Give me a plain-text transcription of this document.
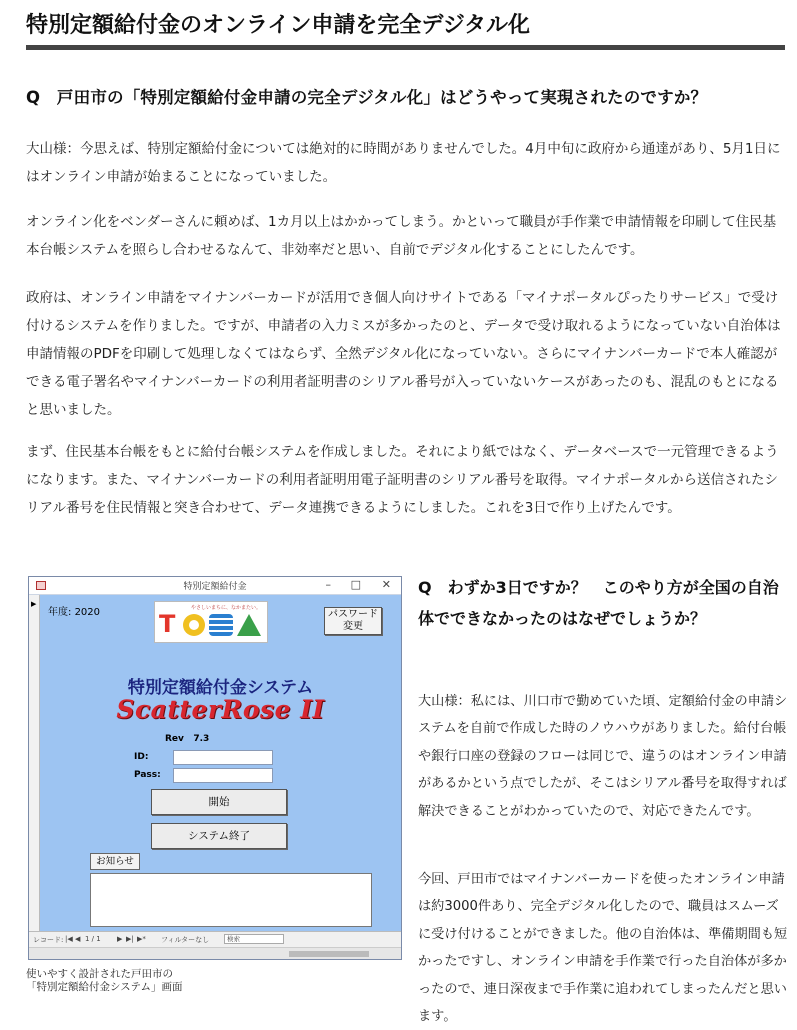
特別定額給付金のオンライン申請を完全デジタル化
Q　戸田市の「特別定額給付金申請の完全デジタル化」はどうやって実現されたのですか？

大山様：今思えば、特別定額給付金については絶対的に時間がありませんでした。4月中旬に政府から通達があり、5月1日にはオンライン申請が始まることになっていました。

オンライン化をベンダーさんに頼めば、1カ月以上はかかってしまう。かといって職員が手作業で申請情報を印刷して住民基本台帳システムを照らし合わせるなんて、非効率だと思い、自前でデジタル化することにしたんです。

政府は、オンライン申請をマイナンバーカードが活用でき個人向けサイトである「マイナポータルぴったりサービス」で受け付けるシステムを作りました。ですが、申請者の入力ミスが多かったのと、データで受け取れるようになっていない自治体は申請情報のPDFを印刷して処理しなくてはならず、全然デジタル化になっていない。さらにマイナンバーカードで本人確認ができる電子署名やマイナンバーカードの利用者証明書のシリアル番号が入っていないケースがあったのも、混乱のもとになると思いました。

まず、住民基本台帳をもとに給付台帳システムを作成しました。それにより紙ではなく、データベースで一元管理できるようになります。また、マイナンバーカードの利用者証明用電子証明書のシリアル番号を取得。マイナポータルから送信されたシリアル番号を住民情報と突き合わせて、データ連携できるようにしました。これを3日で作り上げたんです。

特別定額給付金	– □ ✕
▶
年度: 2020	やさしいまちに、なかまたい。
T	パスワード
変更
特別定額給付金システム
ScatterRose II
Rev 7.3
ID:
Pass:
開始
システム終了
お知らせ
レコード: |◀ ◀ 1 / 1 ▶ ▶| ▶* フィルターなし	検索

使いやすく設計された戸田市の
「特別定額給付金システム」画面

Q　わずか3日ですか？　このやり方が全国の自治体でできなかったのはなぜでしょうか？

大山様：私には、川口市で勤めていた頃、定額給付金の申請システムを自前で作成した時のノウハウがありました。給付台帳や銀行口座の登録のフローは同じで、違うのはオンライン申請があるかという点でしたが、そこはシリアル番号を取得すれば解決できることがわかっていたので、対応できたんです。

今回、戸田市ではマイナンバーカードを使ったオンライン申請は約3000件あり、完全デジタル化したので、職員はスムーズに受け付けることができました。他の自治体は、準備期間も短かったですし、オンライン申請を手作業で行った自治体が多かったので、連日深夜まで手作業に追われてしまったんだと思います。
